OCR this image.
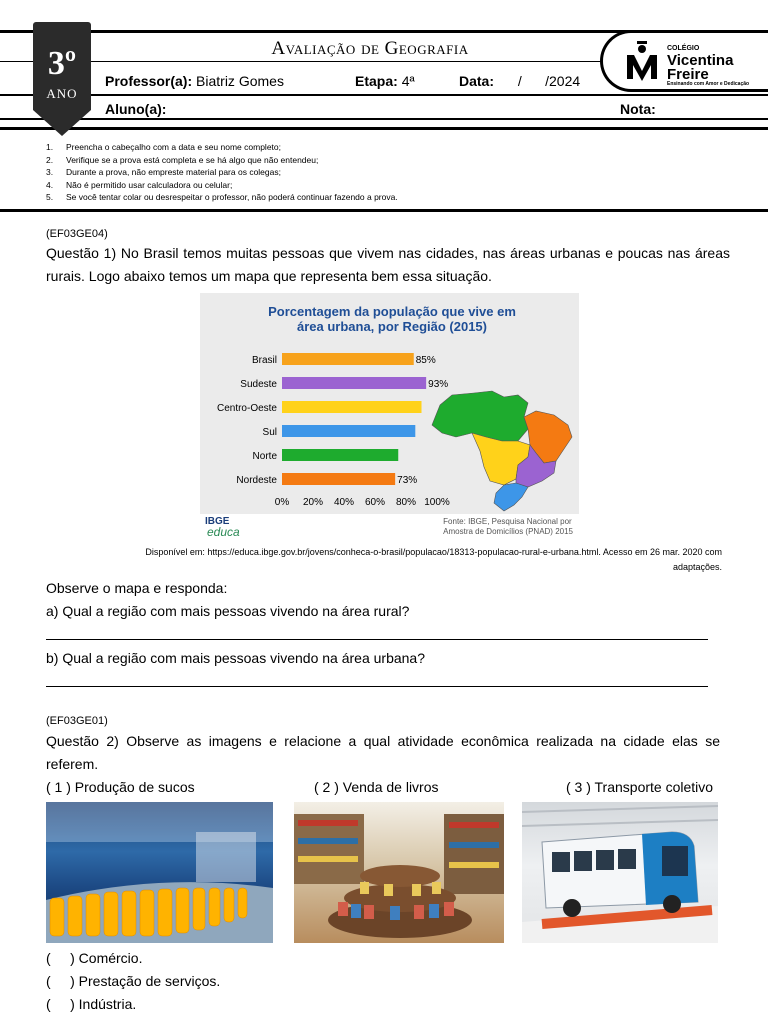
3º
ANO
Avaliação de Geografia
Professor(a): Biatriz Gomes	Etapa: 4ª	Data: /      /2024
Aluno(a):	Nota:
COLÉGIO
Vicentina
Freire
Ensinando com Amor e Dedicação
1. Preencha o cabeçalho com a data e seu nome completo;
2. Verifique se a prova está completa e se há algo que não entendeu;
3. Durante a prova, não empreste material para os colegas;
4. Não é permitido usar calculadora ou celular;
5. Se você tentar colar ou desrespeitar o professor, não poderá continuar fazendo a prova.
(EF03GE04)
Questão 1) No Brasil temos muitas pessoas que vivem nas cidades, nas áreas urbanas e poucas nas áreas rurais. Logo abaixo temos um mapa que representa bem essa situação.
Porcentagem da população que vive em
área urbana, por Região (2015)
Brasil	85%
Sudeste	93%
Centro-Oeste
Sul
Norte
Nordeste	73%
0% 20% 40% 60% 80% 100%
IBGE
educa
Fonte: IBGE, Pesquisa Nacional por
Amostra de Domicílios (PNAD) 2015
Disponível em: https://educa.ibge.gov.br/jovens/conheca-o-brasil/populacao/18313-populacao-rural-e-urbana.html. Acesso em 26 mar. 2020 com
adaptações.
Observe o mapa e responda:
a) Qual a região com mais pessoas vivendo na área rural?
b) Qual a região com mais pessoas vivendo na área urbana?
(EF03GE01)
Questão 2) Observe as imagens e relacione a qual atividade econômica realizada na cidade elas se referem.
( 1 ) Produção de sucos	( 2 ) Venda de livros	( 3 ) Transporte coletivo
(     ) Comércio.
(     ) Prestação de serviços.
(     ) Indústria.
